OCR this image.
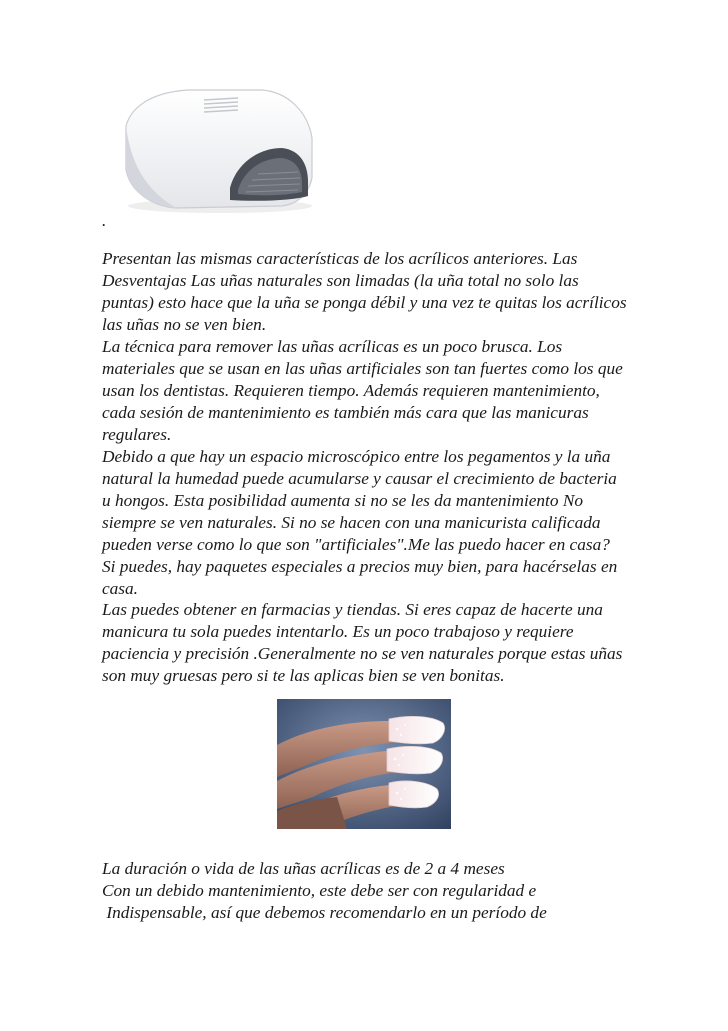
.
Presentan las mismas características de los acrílicos anteriores. Las
Desventajas Las uñas naturales son limadas (la uña total no solo las
puntas) esto hace que la uña se ponga débil y una vez te quitas los acrílicos
las uñas no se ven bien.
La técnica para remover las uñas acrílicas es un poco brusca. Los
materiales que se usan en las uñas artificiales son tan fuertes como los que
usan los dentistas. Requieren tiempo. Además requieren mantenimiento,
cada sesión de mantenimiento es también más cara que las manicuras
regulares.
Debido a que hay un espacio microscópico entre los pegamentos y la uña
natural la humedad puede acumularse y causar el crecimiento de bacteria
u hongos. Esta posibilidad aumenta si no se les da mantenimiento No
siempre se ven naturales. Si no se hacen con una manicurista calificada
pueden verse como lo que son "artificiales".Me las puedo hacer en casa?
Si puedes, hay paquetes especiales a precios muy bien, para hacérselas en
casa.
Las puedes obtener en farmacias y tiendas. Si eres capaz de hacerte una
manicura tu sola puedes intentarlo. Es un poco trabajoso y requiere
paciencia y precisión .Generalmente no se ven naturales porque estas uñas
son muy gruesas pero si te las aplicas bien se ven bonitas.
La duración o vida de las uñas acrílicas es de 2 a 4 meses
Con un debido mantenimiento, este debe ser con regularidad e
Indispensable, así que debemos recomendarlo en un período de
